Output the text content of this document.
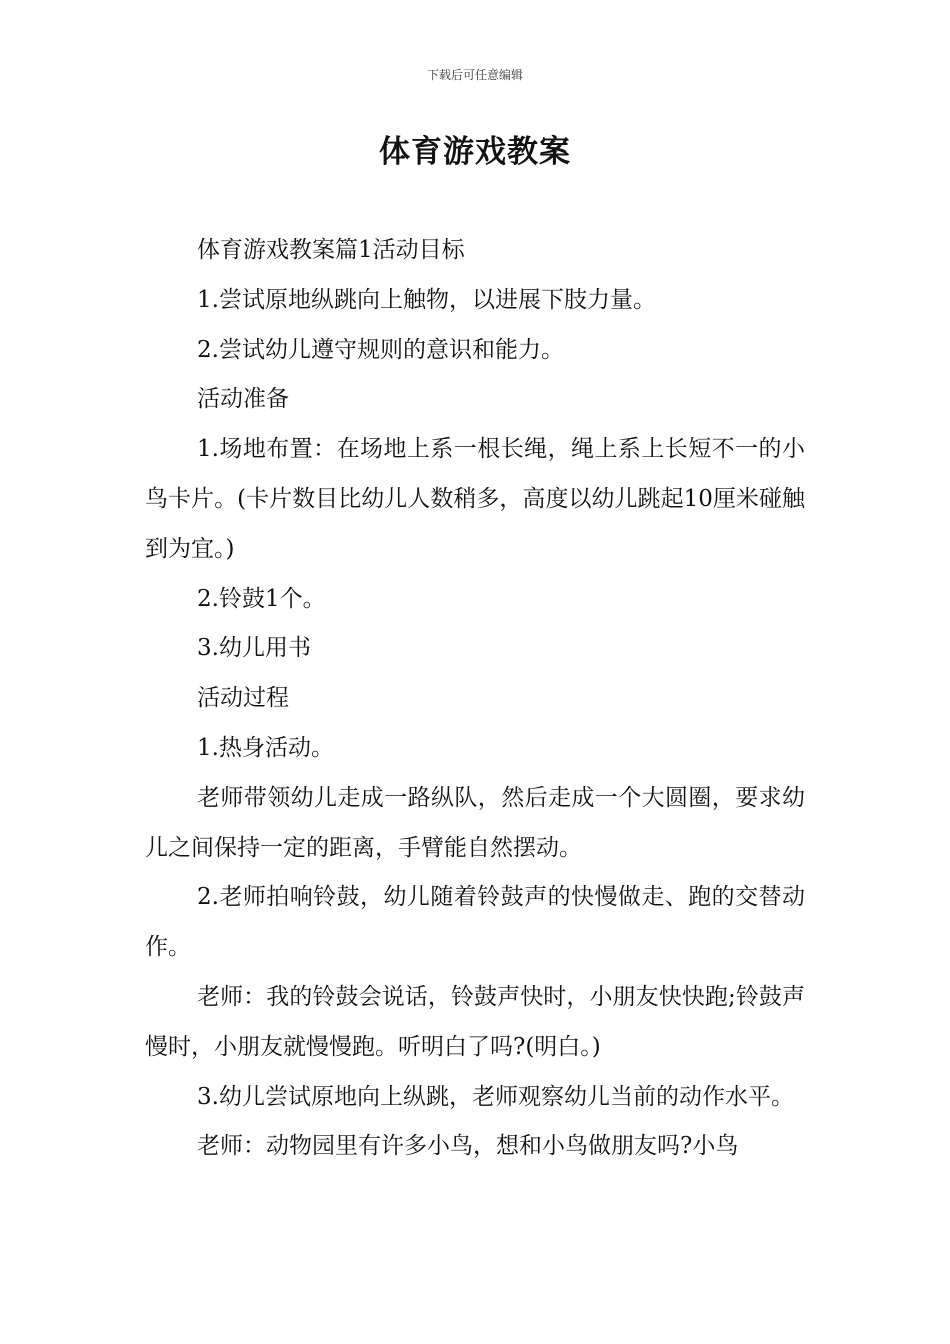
下载后可任意编辑
体育游戏教案

体育游戏教案篇1活动目标

1.尝试原地纵跳向上触物，以进展下肢力量。

2.尝试幼儿遵守规则的意识和能力。

活动准备

1.场地布置：在场地上系一根长绳，绳上系上长短不一的小鸟卡片。(卡片数目比幼儿人数稍多，高度以幼儿跳起10厘米碰触到为宜。)

2.铃鼓1个。

3.幼儿用书

活动过程

1.热身活动。

老师带领幼儿走成一路纵队，然后走成一个大圆圈，要求幼儿之间保持一定的距离，手臂能自然摆动。

2.老师拍响铃鼓，幼儿随着铃鼓声的快慢做走、跑的交替动作。

老师：我的铃鼓会说话，铃鼓声快时，小朋友快快跑;铃鼓声慢时，小朋友就慢慢跑。听明白了吗?(明白。)

3.幼儿尝试原地向上纵跳，老师观察幼儿当前的动作水平。

老师：动物园里有许多小鸟，想和小鸟做朋友吗?小鸟
